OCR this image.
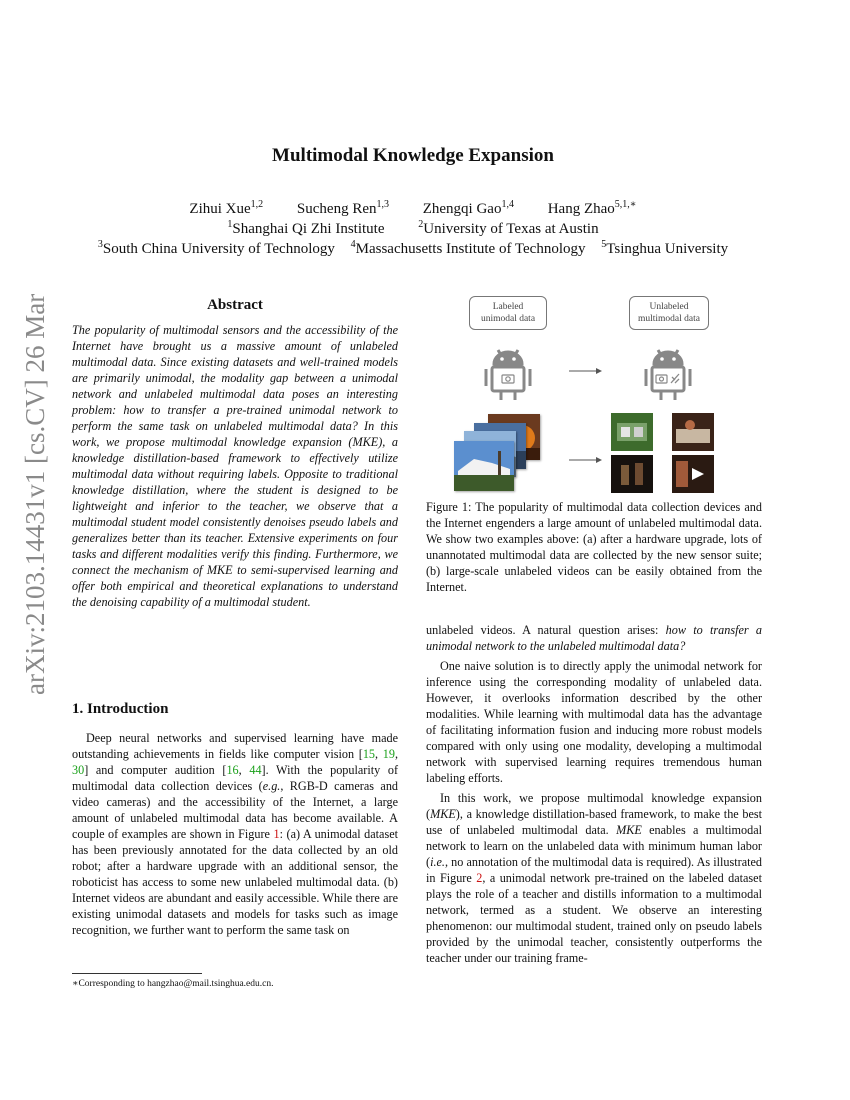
arXiv:2103.14431v1 [cs.CV] 26 Mar 2021
Multimodal Knowledge Expansion
Zihui Xue$^{1,2}$ Sucheng Ren$^{1,3}$ Zhengqi Gao$^{1,4}$ Hang Zhao$^{5,1,∗}$
$^1$Shanghai Qi Zhi Institute	$^2$University of Texas at Austin
$^3$South China University of Technology $^4$Massachusetts Institute of Technology $^5$Tsinghua University
Abstract
The popularity of multimodal sensors and the accessibility of the Internet have brought us a massive amount of unlabeled multimodal data. Since existing datasets and well-trained models are primarily unimodal, the modality gap between a unimodal network and unlabeled multimodal data poses an interesting problem: how to transfer a pre-trained unimodal network to perform the same task on unlabeled multimodal data? In this work, we propose multimodal knowledge expansion (MKE), a knowledge distillation-based framework to effectively utilize multimodal data without requiring labels. Opposite to traditional knowledge distillation, where the student is designed to be lightweight and inferior to the teacher, we observe that a multimodal student model consistently denoises pseudo labels and generalizes better than its teacher. Extensive experiments on four tasks and different modalities verify this finding. Furthermore, we connect the mechanism of MKE to semi-supervised learning and offer both empirical and theoretical explanations to understand the denoising capability of a multimodal student.
1. Introduction

Deep neural networks and supervised learning have made outstanding achievements in fields like computer vision [15, 19, 30] and computer audition [16, 44]. With the popularity of multimodal data collection devices (e.g., RGB-D cameras and video cameras) and the accessibility of the Internet, a large amount of unlabeled multimodal data has become available. A couple of examples are shown in Figure 1: (a) A unimodal dataset has been previously annotated for the data collected by an old robot; after a hardware upgrade with an additional sensor, the roboticist has access to some new unlabeled multimodal data. (b) Internet videos are abundant and easily accessible. While there are existing unimodal datasets and models for tasks such as image recognition, we further want to perform the same task on

∗Corresponding to hangzhao@mail.tsinghua.edu.cn.
Labeled
unimodal data
Unlabeled
multimodal data
Figure 1: The popularity of multimodal data collection devices and the Internet engenders a large amount of unlabeled multimodal data. We show two examples above: (a) after a hardware upgrade, lots of unannotated multimodal data are collected by the new sensor suite; (b) large-scale unlabeled videos can be easily obtained from the Internet.

unlabeled videos. A natural question arises: how to transfer a unimodal network to the unlabeled multimodal data?

One naive solution is to directly apply the unimodal network for inference using the corresponding modality of unlabeled data. However, it overlooks information described by the other modalities. While learning with multimodal data has the advantage of facilitating information fusion and inducing more robust models compared with only using one modality, developing a multimodal network with supervised learning requires tremendous human labeling efforts.

In this work, we propose multimodal knowledge expansion (MKE), a knowledge distillation-based framework, to make the best use of unlabeled multimodal data. MKE enables a multimodal network to learn on the unlabeled data with minimum human labor (i.e., no annotation of the multimodal data is required). As illustrated in Figure 2, a unimodal network pre-trained on the labeled dataset plays the role of a teacher and distills information to a multimodal network, termed as a student. We observe an interesting phenomenon: our multimodal student, trained only on pseudo labels provided by the unimodal teacher, consistently outperforms the teacher under our training frame-
